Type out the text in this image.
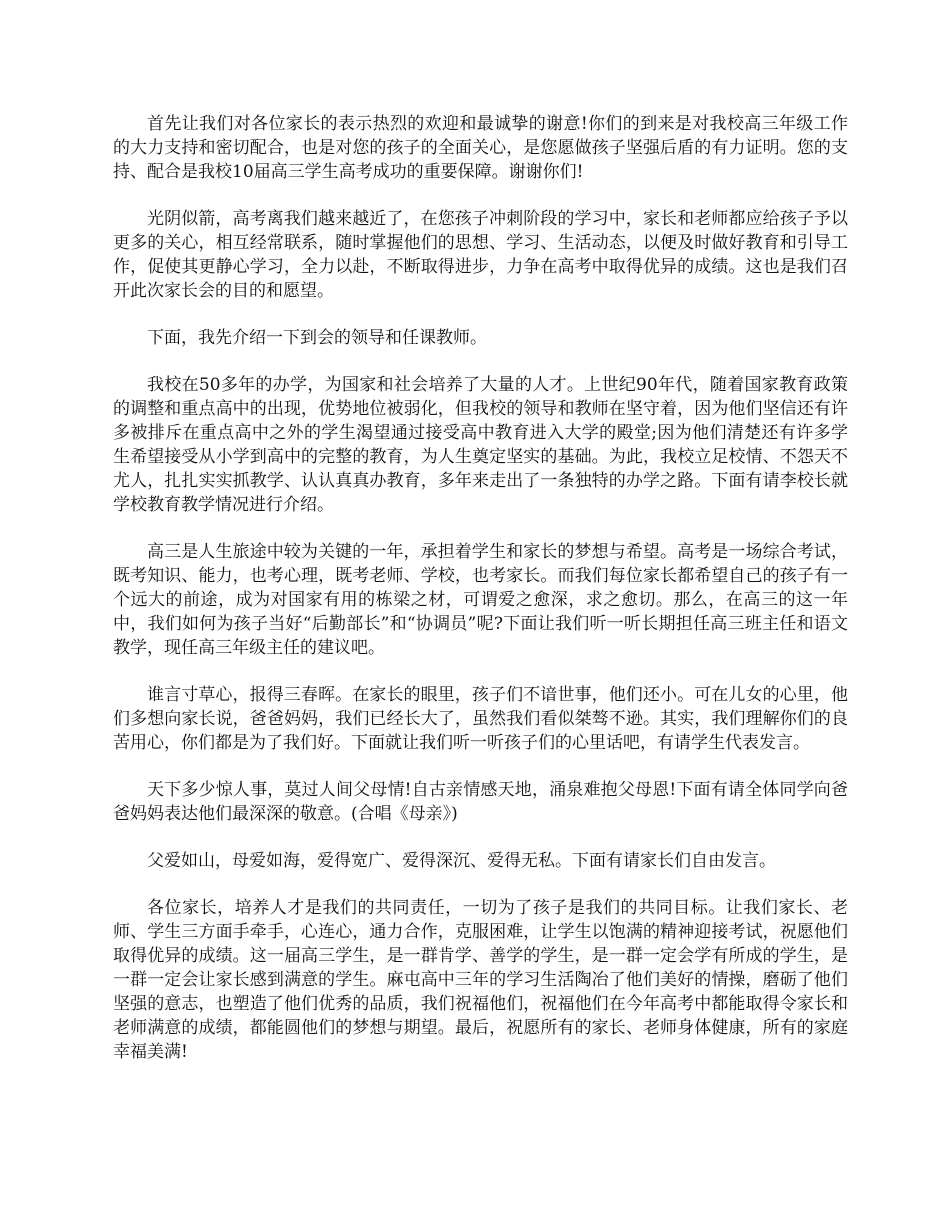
首先让我们对各位家长的表示热烈的欢迎和最诚挚的谢意!你们的到来是对我校高三年级工作的大力支持和密切配合，也是对您的孩子的全面关心，是您愿做孩子坚强后盾的有力证明。您的支持、配合是我校10届高三学生高考成功的重要保障。谢谢你们!

光阴似箭，高考离我们越来越近了，在您孩子冲刺阶段的学习中，家长和老师都应给孩子予以更多的关心，相互经常联系，随时掌握他们的思想、学习、生活动态，以便及时做好教育和引导工作，促使其更静心学习，全力以赴，不断取得进步，力争在高考中取得优异的成绩。这也是我们召开此次家长会的目的和愿望。

下面，我先介绍一下到会的领导和任课教师。

我校在50多年的办学，为国家和社会培养了大量的人才。上世纪90年代，随着国家教育政策的调整和重点高中的出现，优势地位被弱化，但我校的领导和教师在坚守着，因为他们坚信还有许多被排斥在重点高中之外的学生渴望通过接受高中教育进入大学的殿堂;因为他们清楚还有许多学生希望接受从小学到高中的完整的教育，为人生奠定坚实的基础。为此，我校立足校情、不怨天不尤人，扎扎实实抓教学、认认真真办教育，多年来走出了一条独特的办学之路。下面有请李校长就学校教育教学情况进行介绍。

高三是人生旅途中较为关键的一年，承担着学生和家长的梦想与希望。高考是一场综合考试，既考知识、能力，也考心理，既考老师、学校，也考家长。而我们每位家长都希望自己的孩子有一个远大的前途，成为对国家有用的栋梁之材，可谓爱之愈深，求之愈切。那么，在高三的这一年中，我们如何为孩子当好“后勤部长”和“协调员”呢?下面让我们听一听长期担任高三班主任和语文教学，现任高三年级主任的建议吧。

谁言寸草心，报得三春晖。在家长的眼里，孩子们不谙世事，他们还小。可在儿女的心里，他们多想向家长说，爸爸妈妈，我们已经长大了，虽然我们看似桀骜不逊。其实，我们理解你们的良苦用心，你们都是为了我们好。下面就让我们听一听孩子们的心里话吧，有请学生代表发言。

天下多少惊人事，莫过人间父母情!自古亲情感天地，涌泉难抱父母恩!下面有请全体同学向爸爸妈妈表达他们最深深的敬意。(合唱《母亲》)

父爱如山，母爱如海，爱得宽广、爱得深沉、爱得无私。下面有请家长们自由发言。

各位家长，培养人才是我们的共同责任，一切为了孩子是我们的共同目标。让我们家长、老师、学生三方面手牵手，心连心，通力合作，克服困难，让学生以饱满的精神迎接考试，祝愿他们取得优异的成绩。这一届高三学生，是一群肯学、善学的学生，是一群一定会学有所成的学生，是一群一定会让家长感到满意的学生。麻屯高中三年的学习生活陶冶了他们美好的情操，磨砺了他们坚强的意志，也塑造了他们优秀的品质，我们祝福他们，祝福他们在今年高考中都能取得令家长和老师满意的成绩，都能圆他们的梦想与期望。最后，祝愿所有的家长、老师身体健康，所有的家庭幸福美满!
